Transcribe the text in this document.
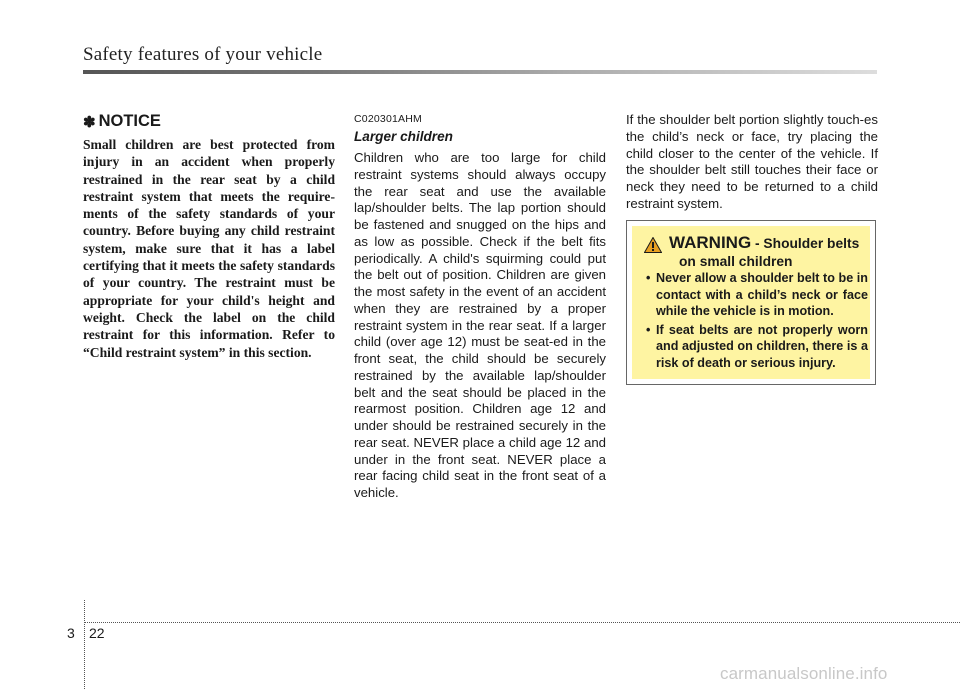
Safety features of your vehicle
✽ NOTICE

Small children are best protected from injury in an accident when properly restrained in the rear seat by a child restraint system that meets the require-ments of the safety standards of your country. Before buying any child restraint system, make sure that it has a label certifying that it meets the safety standards of your country. The restraint must be appropriate for your child's height and weight. Check the label on the child restraint for this information. Refer to “Child restraint system” in this section.

C020301AHM
Larger children

Children who are too large for child restraint systems should always occupy the rear seat and use the available lap/shoulder belts. The lap portion should be fastened and snugged on the hips and as low as possible. Check if the belt fits periodically. A child's squirming could put the belt out of position. Children are given the most safety in the event of an accident when they are restrained by a proper restraint system in the rear seat. If a larger child (over age 12) must be seat-ed in the front seat, the child should be securely restrained by the available lap/shoulder belt and the seat should be placed in the rearmost position. Children age 12 and under should be restrained securely in the rear seat. NEVER place a child age 12 and under in the front seat. NEVER place a rear facing child seat in the front seat of a vehicle.

If the shoulder belt portion slightly touch-es the child’s neck or face, try placing the child closer to the center of the vehicle. If the shoulder belt still touches their face or neck they need to be returned to a child restraint system.

WARNING - Shoulder belts
on small children
• Never allow a shoulder belt to be in contact with a child’s neck or face while the vehicle is in motion.
• If seat belts are not properly worn and adjusted on children, there is a risk of death or serious injury.
3 22
carmanualsonline.info
